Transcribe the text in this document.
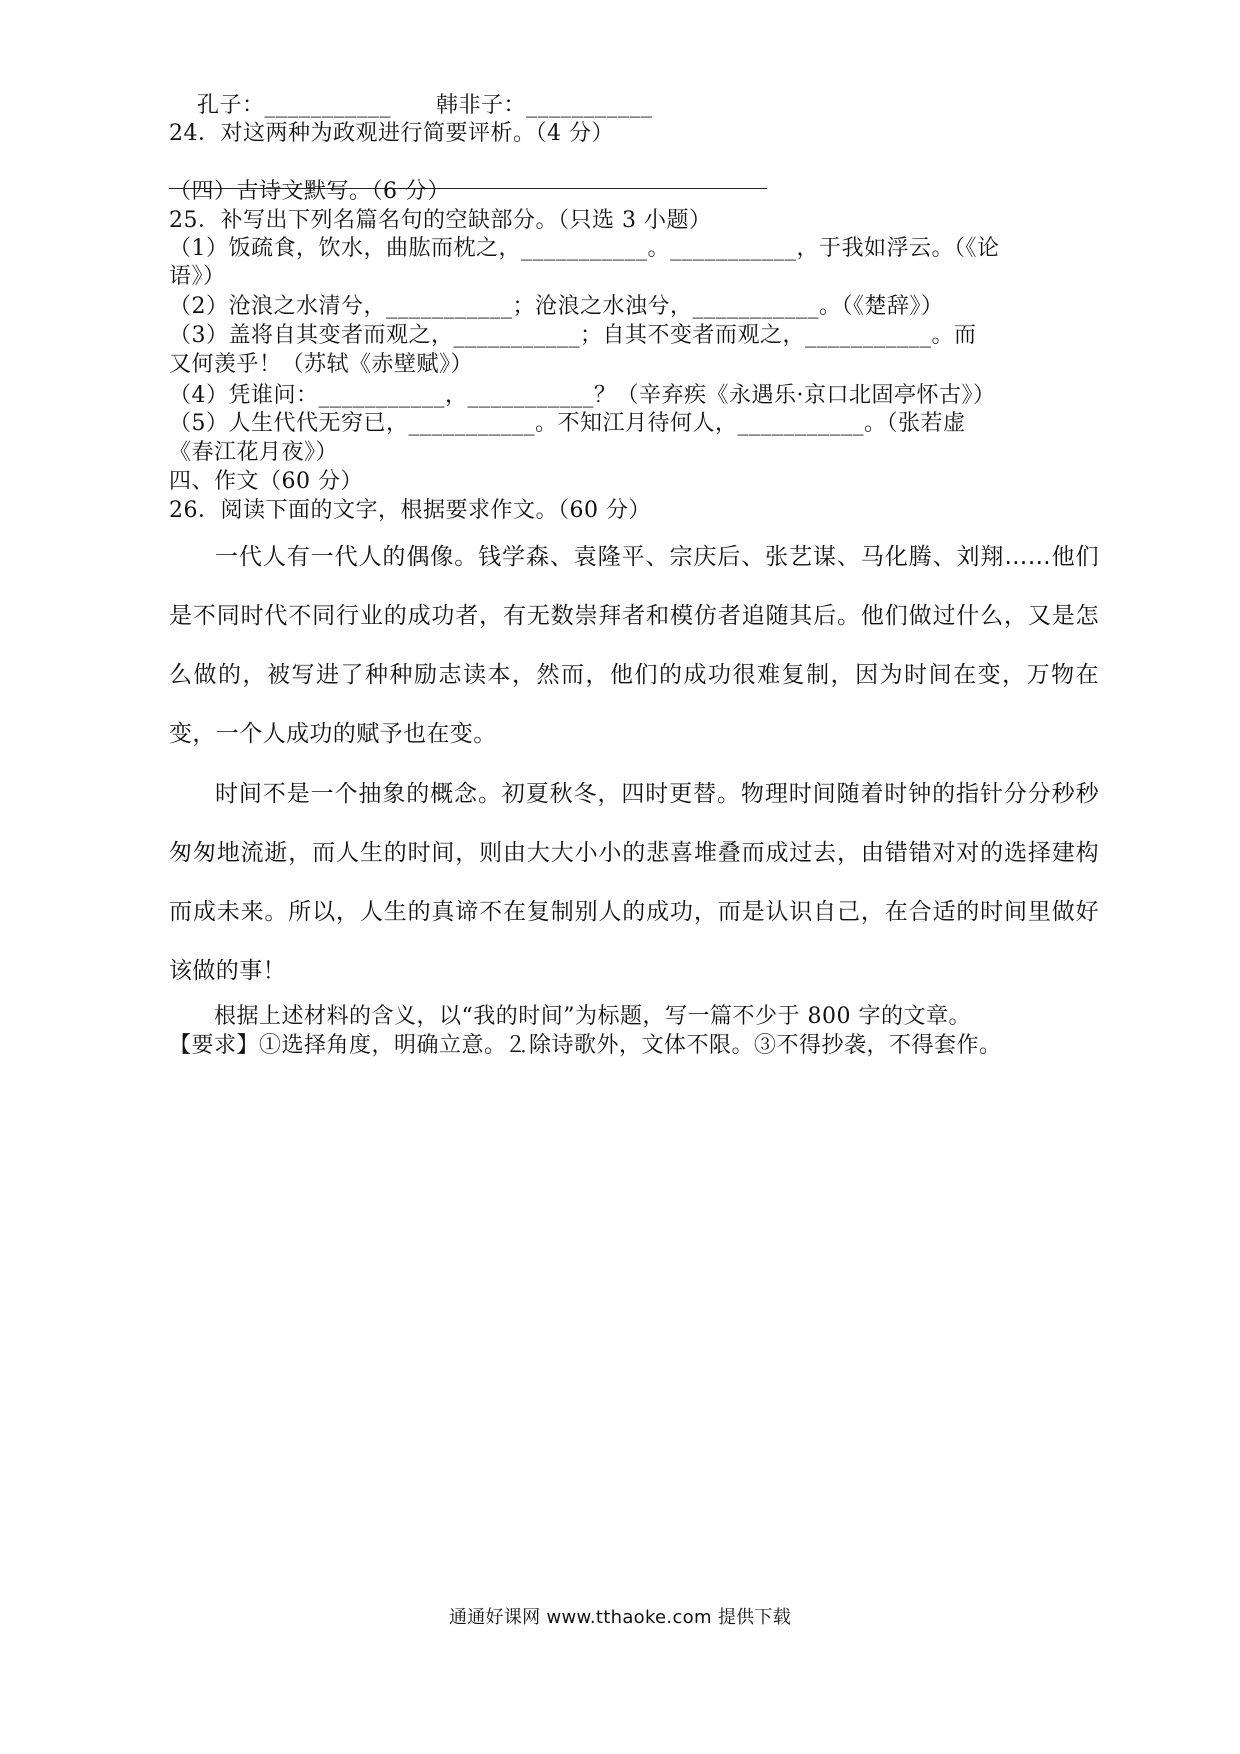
孔子：___________　　韩非子：___________
24．对这两种为政观进行简要评析。（4 分）
（四）古诗文默写。（6 分）
25．补写出下列名篇名句的空缺部分。（只选 3 小题）
（1）饭疏食，饮水，曲肱而枕之，___________。___________，于我如浮云。（《论
语》）
（2）沧浪之水清兮，___________；沧浪之水浊兮，___________。（《楚辞》）
（3）盖将自其变者而观之，___________；自其不变者而观之，___________。而
又何羡乎！（苏轼《赤壁赋》）
（4）凭谁问：___________，___________？（辛弃疾《永遇乐·京口北固亭怀古》）
（5）人生代代无穷已，___________。不知江月待何人，___________。（张若虚
《春江花月夜》）
四、作文（60 分）
26．阅读下面的文字，根据要求作文。（60 分）
一代人有一代人的偶像。钱学森、袁隆平、宗庆后、张艺谋、马化腾、刘翔……他们是不同时代不同行业的成功者，有无数崇拜者和模仿者追随其后。他们做过什么，又是怎么做的，被写进了种种励志读本，然而，他们的成功很难复制，因为时间在变，万物在变，一个人成功的赋予也在变。
时间不是一个抽象的概念。初夏秋冬，四时更替。物理时间随着时钟的指针分分秒秒匆匆地流逝，而人生的时间，则由大大小小的悲喜堆叠而成过去，由错错对对的选择建构而成未来。所以，人生的真谛不在复制别人的成功，而是认识自己，在合适的时间里做好该做的事！
　　根据上述材料的含义，以“我的时间”为标题，写一篇不少于 800 字的文章。
【要求】①选择角度，明确立意。⒉除诗歌外，文体不限。③不得抄袭，不得套作。
通通好课网 www.tthaoke.com 提供下载
